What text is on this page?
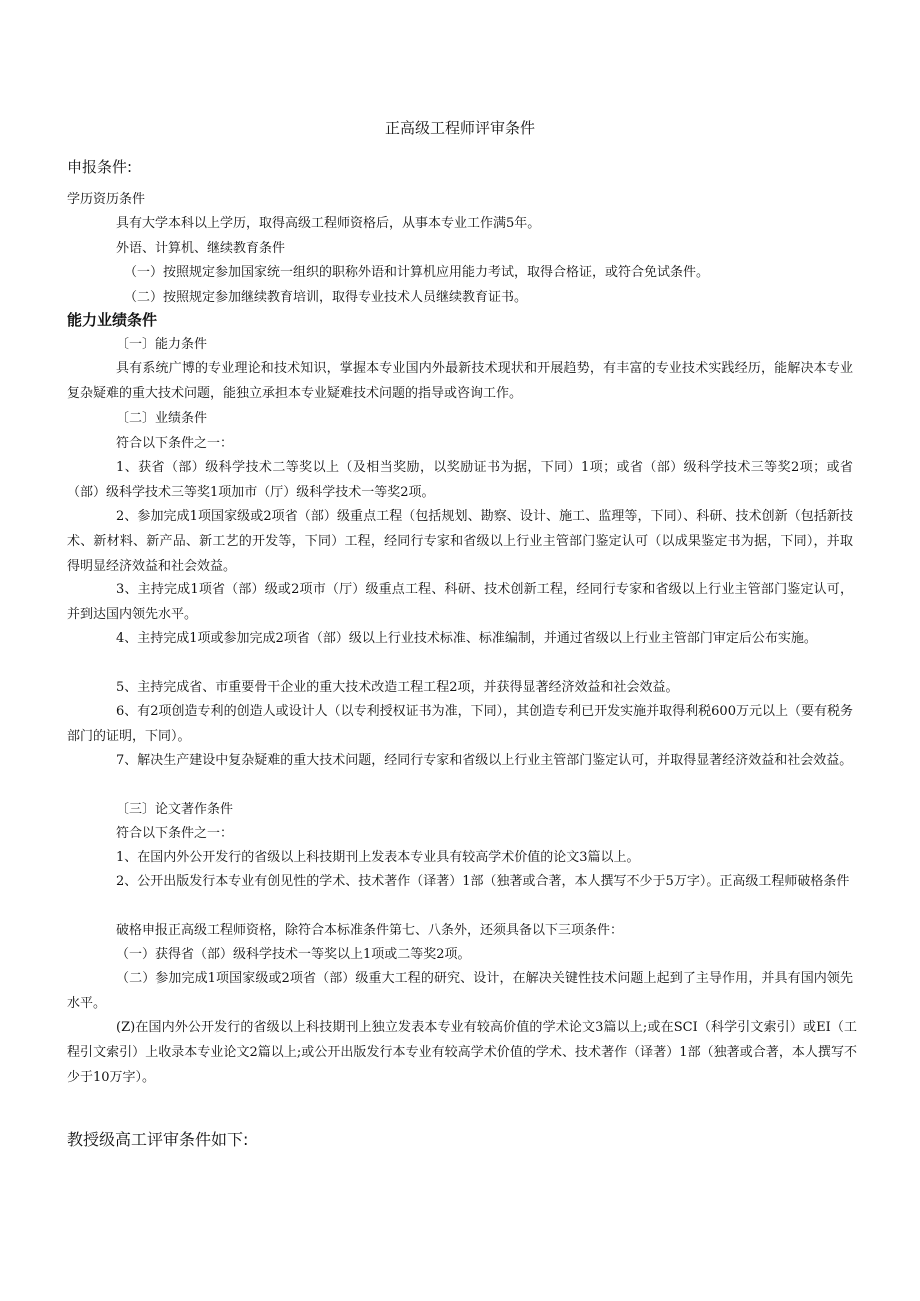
正高级工程师评审条件
申报条件:
学历资历条件
具有大学本科以上学历，取得高级工程师资格后，从事本专业工作满5年。
外语、计算机、继续教育条件
（一）按照规定参加国家统一组织的职称外语和计算机应用能力考试，取得合格证，或符合免试条件。
（二）按照规定参加继续教育培训，取得专业技术人员继续教育证书。
能力业绩条件
〔一〕能力条件
具有系统广博的专业理论和技术知识，掌握本专业国内外最新技术现状和开展趋势，有丰富的专业技术实践经历，能解决本专业复杂疑难的重大技术问题，能独立承担本专业疑难技术问题的指导或咨询工作。
〔二〕业绩条件
符合以下条件之一：
1、获省（部）级科学技术二等奖以上（及相当奖励，以奖励证书为据，下同）1项；或省（部）级科学技术三等奖2项；或省（部）级科学技术三等奖1项加市（厅）级科学技术一等奖2项。
2、参加完成1项国家级或2项省（部）级重点工程（包括规划、勘察、设计、施工、监理等，下同）、科研、技术创新（包括新技术、新材料、新产品、新工艺的开发等，下同）工程，经同行专家和省级以上行业主管部门鉴定认可（以成果鉴定书为据，下同），并取得明显经济效益和社会效益。
3、主持完成1项省（部）级或2项市（厅）级重点工程、科研、技术创新工程，经同行专家和省级以上行业主管部门鉴定认可，并到达国内领先水平。
4、主持完成1项或参加完成2项省（部）级以上行业技术标准、标准编制，并通过省级以上行业主管部门审定后公布实施。
5、主持完成省、市重要骨干企业的重大技术改造工程工程2项，并获得显著经济效益和社会效益。
6、有2项创造专利的创造人或设计人（以专利授权证书为准，下同），其创造专利已开发实施并取得利税600万元以上（要有税务部门的证明，下同）。
7、解决生产建设中复杂疑难的重大技术问题，经同行专家和省级以上行业主管部门鉴定认可，并取得显著经济效益和社会效益。
〔三〕论文著作条件
符合以下条件之一：
1、在国内外公开发行的省级以上科技期刊上发表本专业具有较高学术价值的论文3篇以上。
2、公开出版发行本专业有创见性的学术、技术著作（译著）1部（独著或合著，本人撰写不少于5万字）。正高级工程师破格条件
破格申报正高级工程师资格，除符合本标准条件第七、八条外，还须具备以下三项条件：
（一）获得省（部）级科学技术一等奖以上1项或二等奖2项。
（二）参加完成1项国家级或2项省（部）级重大工程的研究、设计，在解决关键性技术问题上起到了主导作用，并具有国内领先水平。
(Z)在国内外公开发行的省级以上科技期刊上独立发表本专业有较高价值的学术论文3篇以上;或在SCI（科学引文索引）或EI（工程引文索引）上收录本专业论文2篇以上;或公开出版发行本专业有较高学术价值的学术、技术著作（译著）1部（独著或合著，本人撰写不少于10万字）。
教授级高工评审条件如下:
